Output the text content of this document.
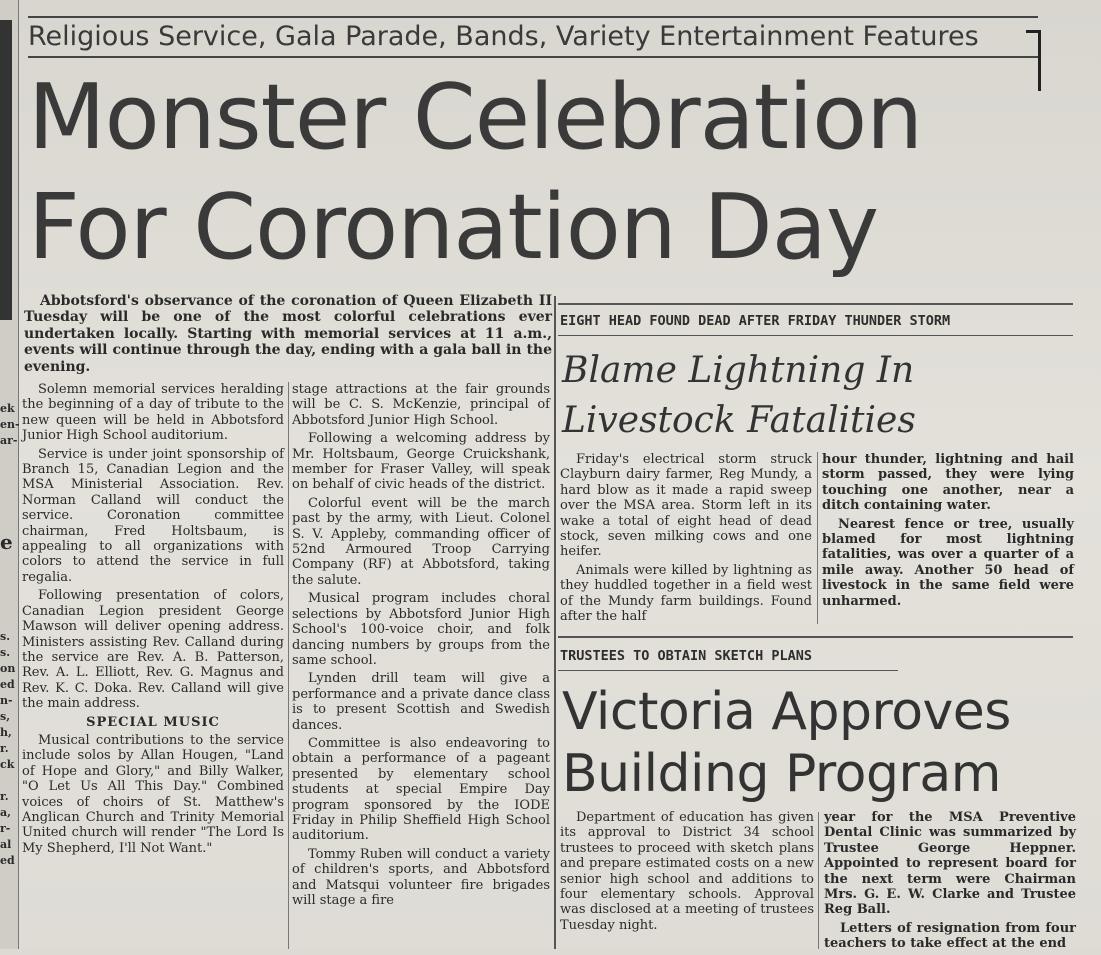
ek
en-
ar-
e
s.
s.
on
ed
n-
s,
h,
r.
ck
r.
a,
r-
al
ed
Religious Service, Gala Parade, Bands, Variety Entertainment Features
Monster Celebration
For Coronation Day

Abbotsford's observance of the coronation of Queen Elizabeth II Tuesday will be one of the most colorful celebrations ever undertaken locally. Starting with memorial services at 11 a.m., events will continue through the day, ending with a gala ball in the evening.

Solemn memorial services heralding the beginning of a day of tribute to the new queen will be held in Abbotsford Junior High School auditorium.

Service is under joint sponsorship of Branch 15, Canadian Legion and the MSA Ministerial Association. Rev. Norman Calland will conduct the service. Coronation committee chairman, Fred Holtsbaum, is appealing to all organizations with colors to attend the service in full regalia.

Following presentation of colors, Canadian Legion president George Mawson will deliver opening address. Ministers assisting Rev. Calland during the service are Rev. A. B. Patterson, Rev. A. L. Elliott, Rev. G. Magnus and Rev. K. C. Doka. Rev. Calland will give the main address.

SPECIAL MUSIC

Musical contributions to the service include solos by Allan Hougen, "Land of Hope and Glory," and Billy Walker, "O Let Us All This Day." Combined voices of choirs of St. Matthew's Anglican Church and Trinity Memorial United church will render "The Lord Is My Shepherd, I'll Not Want."

stage attractions at the fair grounds will be C. S. McKenzie, principal of Abbotsford Junior High School.

Following a welcoming address by Mr. Holtsbaum, George Cruickshank, member for Fraser Valley, will speak on behalf of civic heads of the district.

Colorful event will be the march past by the army, with Lieut. Colonel S. V. Appleby, commanding officer of 52nd Armoured Troop Carrying Company (RF) at Abbotsford, taking the salute.

Musical program includes choral selections by Abbotsford Junior High School's 100-voice choir, and folk dancing numbers by groups from the same school.

Lynden drill team will give a performance and a private dance class is to present Scottish and Swedish dances.

Committee is also endeavoring to obtain a performance of a pageant presented by elementary school students at special Empire Day program sponsored by the IODE Friday in Philip Sheffield High School auditorium.

Tommy Ruben will conduct a variety of children's sports, and Abbotsford and Matsqui volunteer fire brigades will stage a fire

EIGHT HEAD FOUND DEAD AFTER FRIDAY THUNDER STORM
Blame Lightning In
Livestock Fatalities

Friday's electrical storm struck Clayburn dairy farmer, Reg Mundy, a hard blow as it made a rapid sweep over the MSA area. Storm left in its wake a total of eight head of dead stock, seven milking cows and one heifer.

Animals were killed by lightning as they huddled together in a field west of the Mundy farm buildings. Found after the half

hour thunder, lightning and hail storm passed, they were lying touching one another, near a ditch containing water.

Nearest fence or tree, usually blamed for most lightning fatalities, was over a quarter of a mile away. Another 50 head of livestock in the same field were unharmed.

TRUSTEES TO OBTAIN SKETCH PLANS
Victoria Approves
Building Program

Department of education has given its approval to District 34 school trustees to proceed with sketch plans and prepare estimated costs on a new senior high school and additions to four elementary schools. Approval was disclosed at a meeting of trustees Tuesday night.

year for the MSA Preventive Dental Clinic was summarized by Trustee George Heppner. Appointed to represent board for the next term were Chairman Mrs. G. E. W. Clarke and Trustee Reg Ball.

Letters of resignation from four teachers to take effect at the end
